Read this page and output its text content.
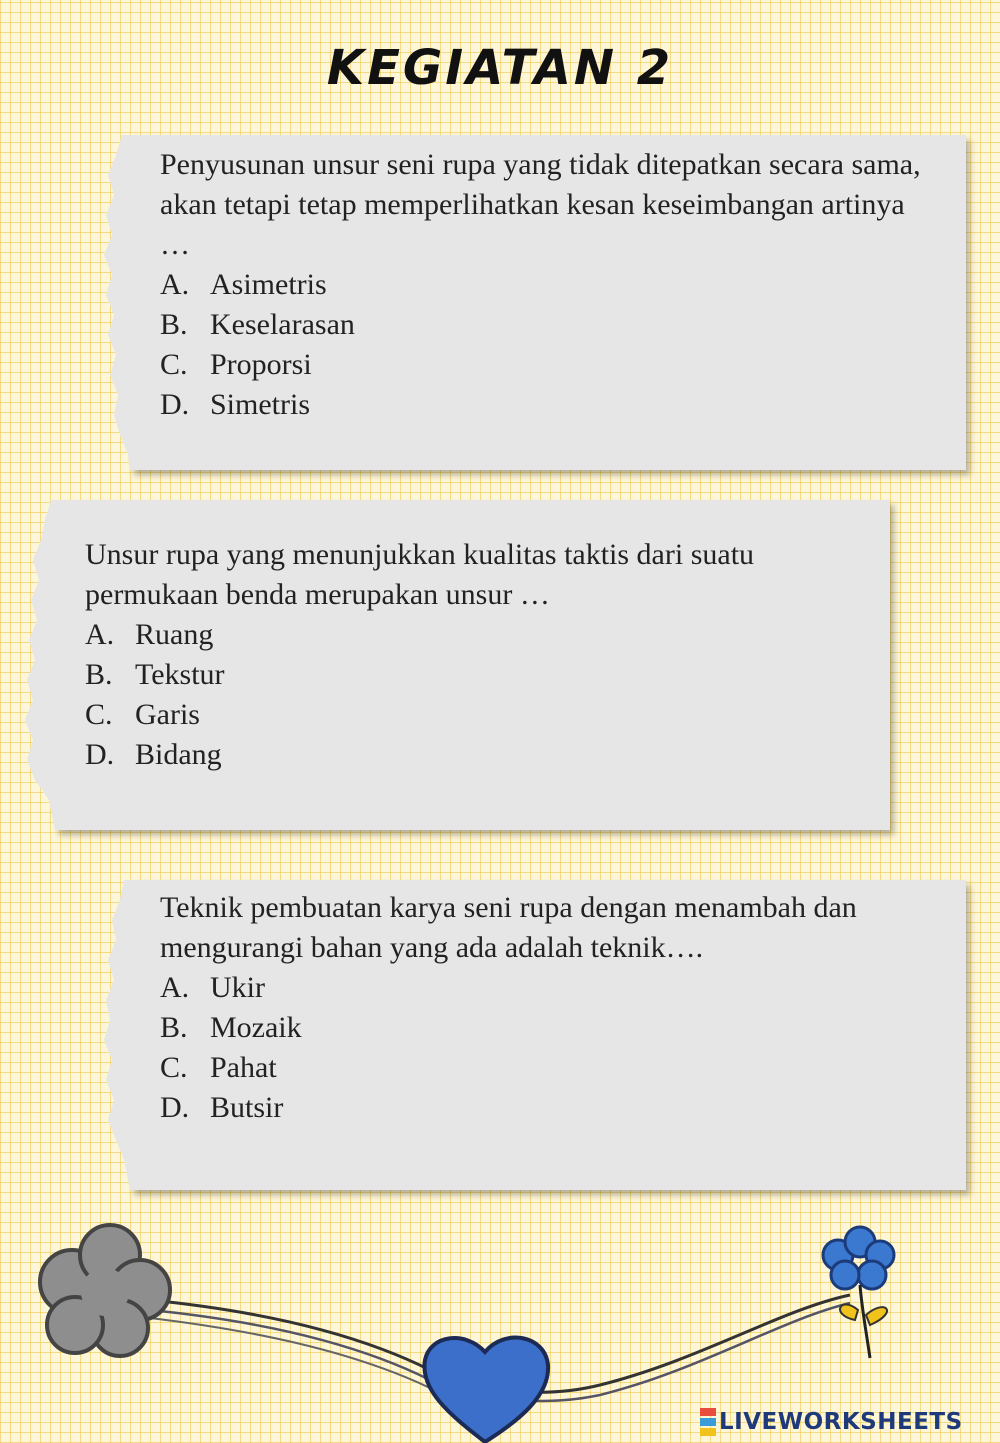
KEGIATAN 2

Penyusunan unsur seni rupa yang tidak ditepatkan secara sama, akan tetapi tetap memperlihatkan kesan keseimbangan artinya …

A. Asimetris
B. Keselarasan
C. Proporsi
D. Simetris

Unsur rupa yang menunjukkan kualitas taktis dari suatu permukaan benda merupakan unsur …

A. Ruang
B. Tekstur
C. Garis
D. Bidang

Teknik pembuatan karya seni rupa dengan menambah dan mengurangi bahan yang ada adalah teknik….

A. Ukir
B. Mozaik
C. Pahat
D. Butsir
LIVEWORKSHEETS
